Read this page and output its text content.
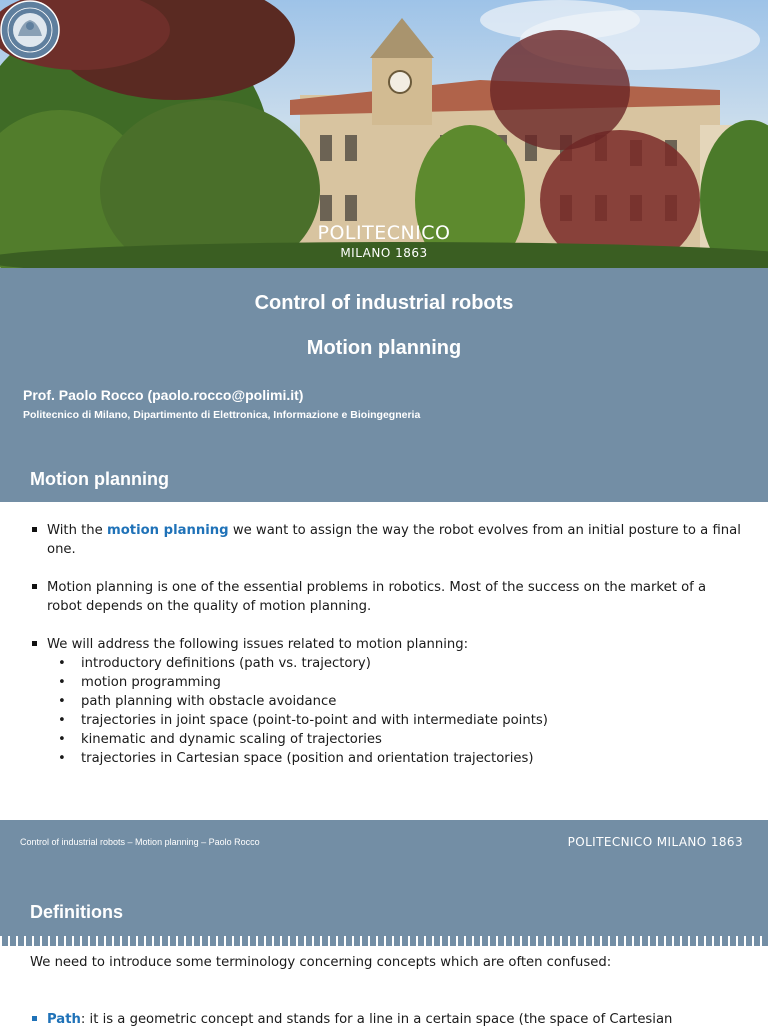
POLITECNICO
MILANO 1863
Control of industrial robots
Motion planning
Prof. Paolo Rocco (paolo.rocco@polimi.it)
Politecnico di Milano, Dipartimento di Elettronica, Informazione e Bioingegneria
Motion planning
With the motion planning we want to assign the way the robot evolves from an initial posture to a final one.
Motion planning is one of the essential problems in robotics. Most of the success on the market of a robot depends on the quality of motion planning.
We will address the following issues related to motion planning:
• introductory definitions (path vs. trajectory)
• motion programming
• path planning with obstacle avoidance
• trajectories in joint space (point-to-point and with intermediate points)
• kinematic and dynamic scaling of trajectories
• trajectories in Cartesian space (position and orientation trajectories)
Control of industrial robots – Motion planning – Paolo Rocco	POLITECNICO MILANO 1863
Definitions
We need to introduce some terminology concerning concepts which are often confused:
Path: it is a geometric concept and stands for a line in a certain space (the space of Cartesian
